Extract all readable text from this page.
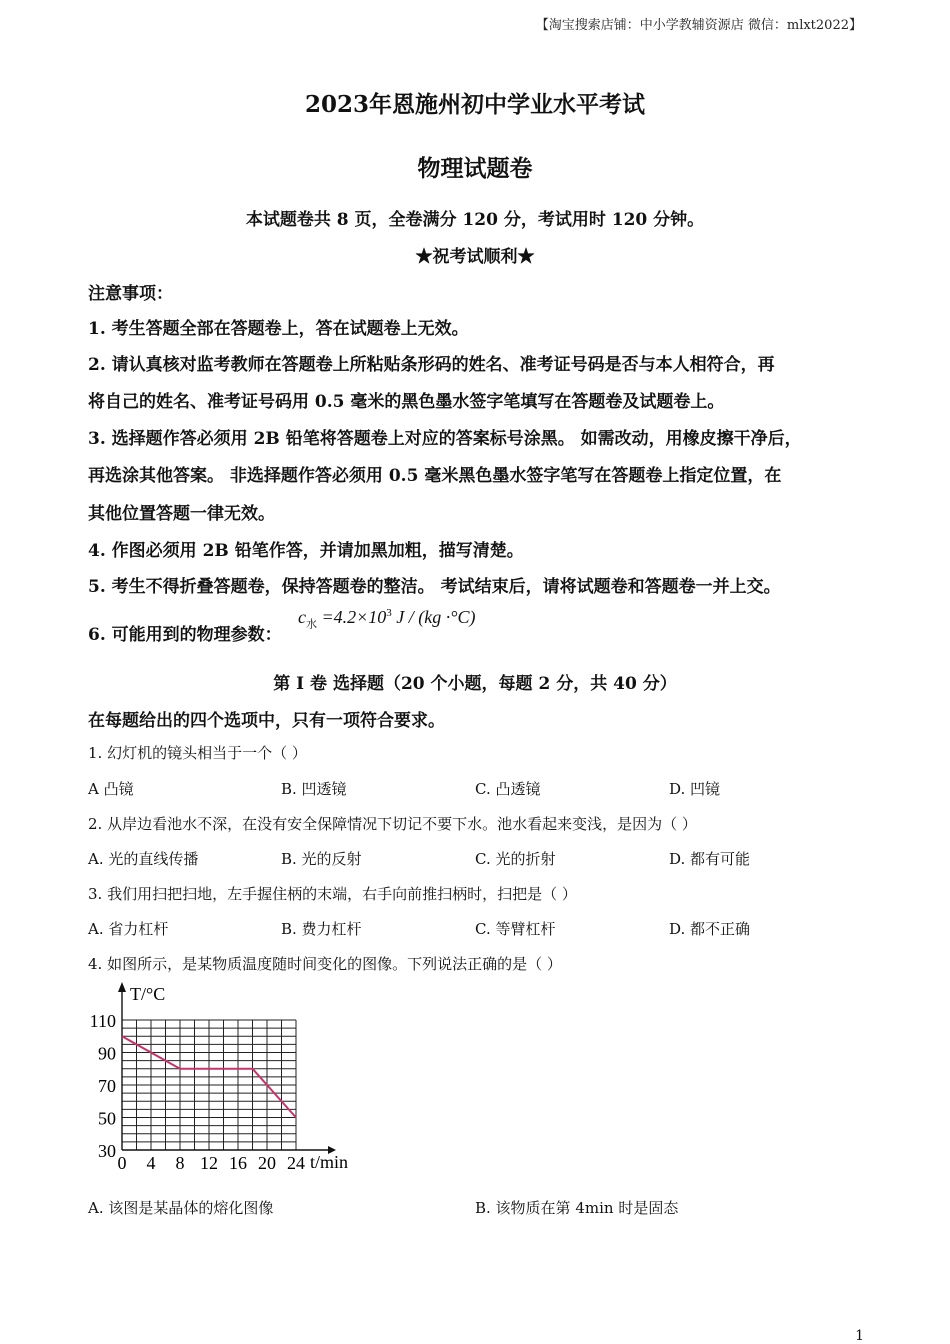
【淘宝搜索店铺：中小学教辅资源店 微信：mlxt2022】
2023年恩施州初中学业水平考试
物理试题卷
本试题卷共 8 页，全卷满分 120 分，考试用时 120 分钟。
★祝考试顺利★
注意事项：
1. 考生答题全部在答题卷上，答在试题卷上无效。
2. 请认真核对监考教师在答题卷上所粘贴条形码的姓名、准考证号码是否与本人相符合，再
将自己的姓名、准考证号码用 0.5 毫米的黑色墨水签字笔填写在答题卷及试题卷上。
3. 选择题作答必须用 2B 铅笔将答题卷上对应的答案标号涂黑。 如需改动，用橡皮擦干净后，
再选涂其他答案。 非选择题作答必须用 0.5 毫米黑色墨水签字笔写在答题卷上指定位置，在
其他位置答题一律无效。
4. 作图必须用 2B 铅笔作答，并请加黑加粗，描写清楚。
5. 考生不得折叠答题卷，保持答题卷的整洁。 考试结束后，请将试题卷和答题卷一并上交。
6. 可能用到的物理参数：
$c_水 =4.2\times 10^3$ J / (kg ·°C)
第 I 卷 选择题（20 个小题，每题 2 分，共 40 分）
在每题给出的四个选项中，只有一项符合要求。
1. 幻灯机的镜头相当于一个（ ）
A 凸镜	B. 凹透镜	C. 凸透镜	D. 凹镜
2. 从岸边看池水不深，在没有安全保障情况下切记不要下水。池水看起来变浅，是因为（ ）
A. 光的直线传播	B. 光的反射	C. 光的折射	D. 都有可能
3. 我们用扫把扫地，左手握住柄的末端，右手向前推扫柄时，扫把是（ ）
A. 省力杠杆	B. 费力杠杆	C. 等臂杠杆	D. 都不正确
4. 如图所示，是某物质温度随时间变化的图像。下列说法正确的是（ ）
T/°C
t/min
0 4 8 12 16 20 24
30
50
70
90
110
A. 该图是某晶体的熔化图像	B. 该物质在第 4min 时是固态
1
